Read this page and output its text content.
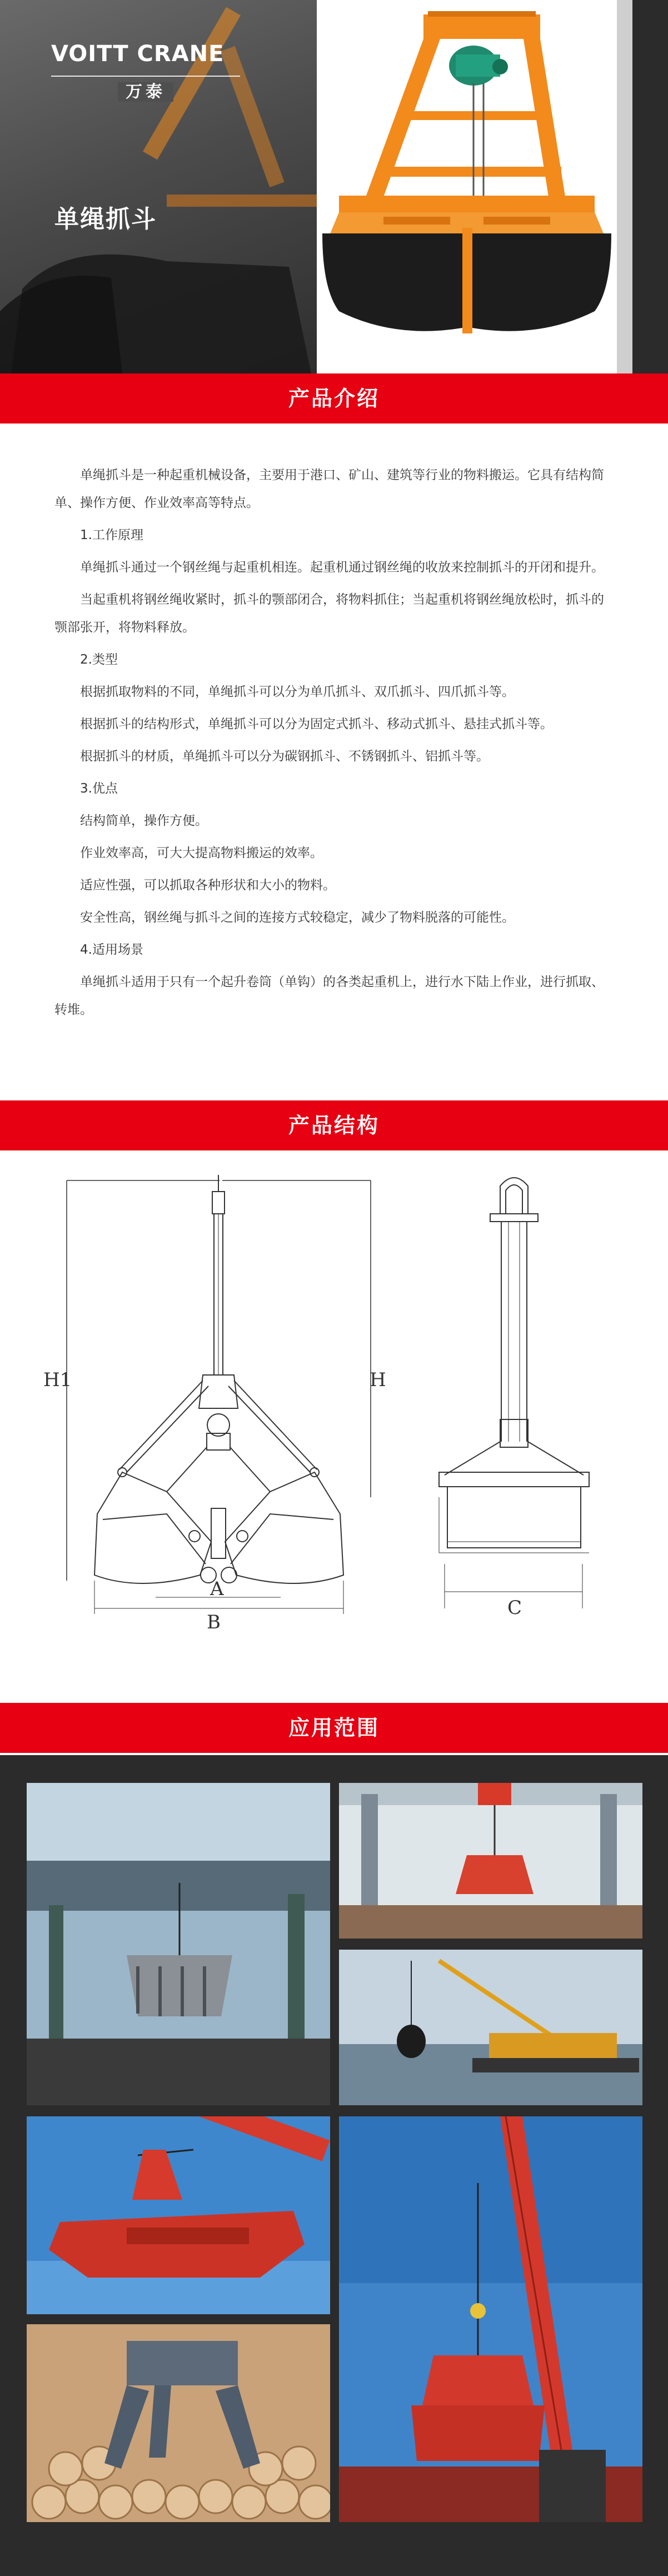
VOITT CRANE
万泰
单绳抓斗
产品介绍

单绳抓斗是一种起重机械设备，主要用于港口、矿山、建筑等行业的物料搬运。它具有结构简单、操作方便、作业效率高等特点。

1.工作原理

单绳抓斗通过一个钢丝绳与起重机相连。起重机通过钢丝绳的收放来控制抓斗的开闭和提升。

当起重机将钢丝绳收紧时，抓斗的颚部闭合，将物料抓住；当起重机将钢丝绳放松时，抓斗的颚部张开，将物料释放。

2.类型

根据抓取物料的不同，单绳抓斗可以分为单爪抓斗、双爪抓斗、四爪抓斗等。

根据抓斗的结构形式，单绳抓斗可以分为固定式抓斗、移动式抓斗、悬挂式抓斗等。

根据抓斗的材质，单绳抓斗可以分为碳钢抓斗、不锈钢抓斗、铝抓斗等。

3.优点

结构简单，操作方便。

作业效率高，可大大提高物料搬运的效率。

适应性强，可以抓取各种形状和大小的物料。

安全性高，钢丝绳与抓斗之间的连接方式较稳定，减少了物料脱落的可能性。

4.适用场景

单绳抓斗适用于只有一个起升卷筒（单钩）的各类起重机上，进行水下陆上作业，进行抓取、转堆。

产品结构
H1	H
A
B
C
应用范围
